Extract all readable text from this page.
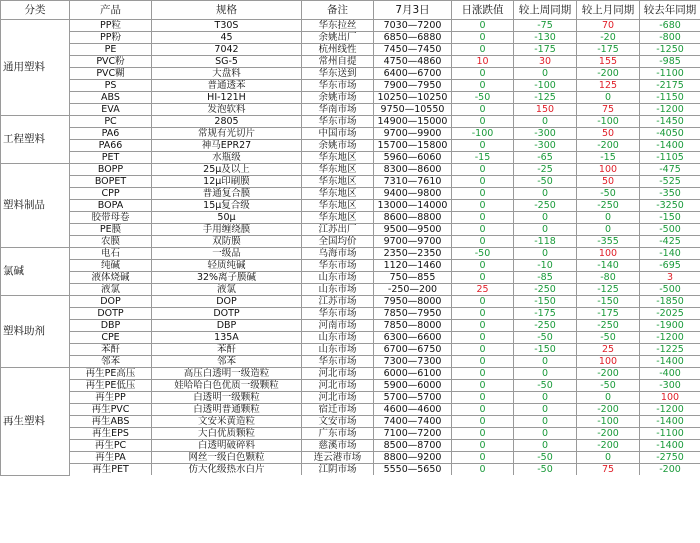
分类	产品	规格	备注	7月3日	日涨跌值	较上周同期	较上月同期	较去年同期
通用塑料	PP粒	T30S	华东拉丝	7030—7200	0	-75	70	-680
	PP粉	45	余姚出厂	6850—6880	0	-130	-20	-800
	PE	7042	杭州线性	7450—7450	0	-175	-175	-1250
	PVC粉	SG-5	常州自提	4750—4860	10	30	155	-985
	PVC糊	大盘料	华东送到	6400—6700	0	0	-200	-1100
	PS	普通透苯	华东市场	7900—7950	0	-100	125	-2175
	ABS	HI-121H	余姚市场	10250—10250	-50	-125	0	-1150
	EVA	发泡软料	华南市场	9750—10550	0	150	75	-1200
工程塑料	PC	2805	华东市场	14900—15000	0	0	-100	-1450
	PA6	常规有光切片	中国市场	9700—9900	-100	-300	50	-4050
	PA66	神马EPR27	余姚市场	15700—15800	0	-300	-200	-1400
	PET	水瓶级	华东地区	5960—6060	-15	-65	-15	-1105
塑料制品	BOPP	25μ及以上	华东地区	8300—8600	0	-25	100	-475
	BOPET	12μ印刷膜	华东地区	7310—7610	0	-50	50	-525
	CPP	普通复合膜	华东地区	9400—9800	0	0	-50	-350
	BOPA	15μ复合级	华东地区	13000—14000	0	-250	-250	-3250
	胶带母卷	50μ	华东地区	8600—8800	0	0	0	-150
	PE膜	手用缠绕膜	江苏出厂	9500—9500	0	0	0	-500
	农膜	双防膜	全国均价	9700—9700	0	-118	-355	-425
氯碱	电石	一级品	乌海市场	2350—2350	-50	0	100	-140
	纯碱	轻质纯碱	华东市场	1120—1460	0	-10	-140	-695
	液体烧碱	32%离子膜碱	山东市场	750—855	0	-85	-80	3
	液氯	液氯	山东市场	-250—200	25	-250	-125	-500
塑料助剂	DOP	DOP	江苏市场	7950—8000	0	-150	-150	-1850
	DOTP	DOTP	华东市场	7850—7950	0	-175	-175	-2025
	DBP	DBP	河南市场	7850—8000	0	-250	-250	-1900
	CPE	135A	山东市场	6300—6600	0	-50	-50	-1200
	苯酐	苯酐	山东市场	6700—6750	0	-150	25	-1225
	邻苯	邻苯	华东市场	7300—7300	0	0	100	-1400
再生塑料	再生PE高压	高压白透明一级造粒	河北市场	6000—6100	0	0	-200	-400
	再生PE低压	娃哈哈白色优质一级颗粒	河北市场	5900—6000	0	-50	-50	-300
	再生PP	白透明一级颗粒	河北市场	5700—5700	0	0	0	100
	再生PVC	白透明普通颗粒	宿迁市场	4600—4600	0	0	-200	-1200
	再生ABS	文安米黄造粒	文安市场	7400—7400	0	0	-100	-1400
	再生EPS	大白优质颗粒	广东市场	7100—7200	0	0	-200	-1100
	再生PC	白透明破碎料	慈溪市场	8500—8700	0	0	-200	-1400
	再生PA	网丝一级白色颗粒	连云港市场	8800—9200	0	-50	0	-2750
	再生PET	仿大化级热水白片	江阴市场	5550—5650	0	-50	75	-200
